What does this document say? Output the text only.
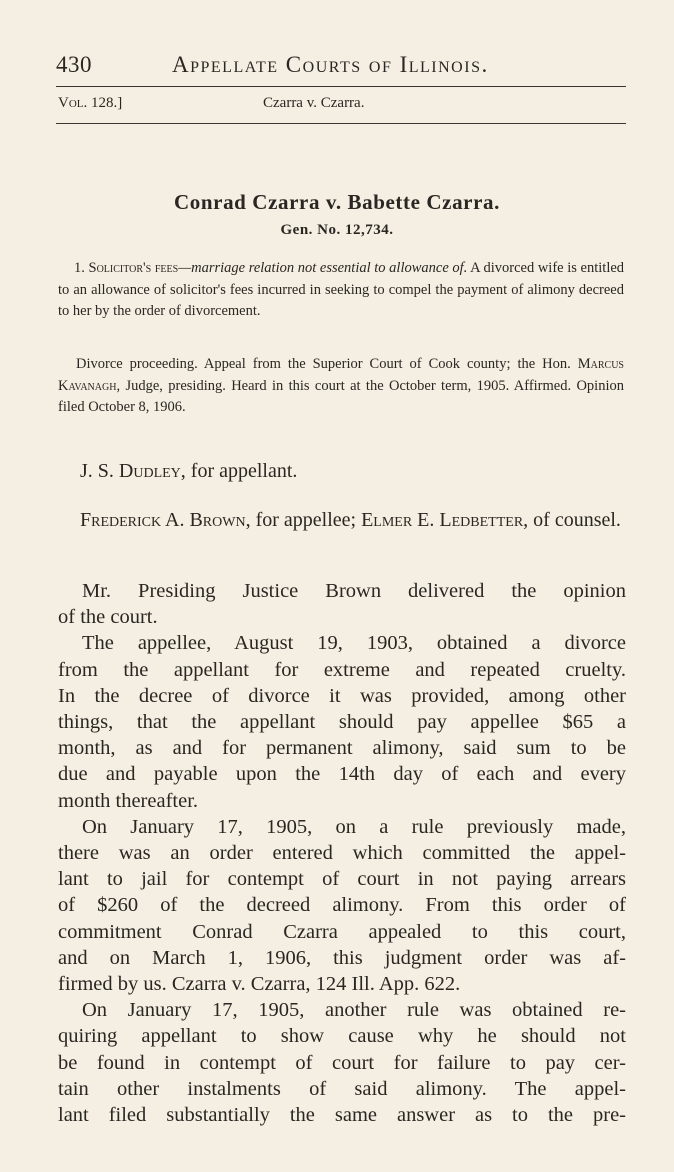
430	Appellate Courts of Illinois.
Vol. 128.]	Czarra v. Czarra.
Conrad Czarra v. Babette Czarra.
Gen. No. 12,734.
1. Solicitor's fees—marriage relation not essential to allowance of. A divorced wife is entitled to an allowance of solicitor's fees incurred in seeking to compel the payment of alimony decreed to her by the order of divorcement.
Divorce proceeding. Appeal from the Superior Court of Cook county; the Hon. Marcus Kavanagh, Judge, presiding. Heard in this court at the October term, 1905. Affirmed. Opinion filed October 8, 1906.
J. S. Dudley, for appellant.
Frederick A. Brown, for appellee; Elmer E. Ledbetter, of counsel.
Mr. Presiding Justice Brown delivered the opinion
of the court.
The appellee, August 19, 1903, obtained a divorce
from the appellant for extreme and repeated cruelty.
In the decree of divorce it was provided, among other
things, that the appellant should pay appellee $65 a
month, as and for permanent alimony, said sum to be
due and payable upon the 14th day of each and every
month thereafter.
On January 17, 1905, on a rule previously made,
there was an order entered which committed the appel-
lant to jail for contempt of court in not paying arrears
of $260 of the decreed alimony. From this order of
commitment Conrad Czarra appealed to this court,
and on March 1, 1906, this judgment order was af-
firmed by us. Czarra v. Czarra, 124 Ill. App. 622.
On January 17, 1905, another rule was obtained re-
quiring appellant to show cause why he should not
be found in contempt of court for failure to pay cer-
tain other instalments of said alimony. The appel-
lant filed substantially the same answer as to the pre-
